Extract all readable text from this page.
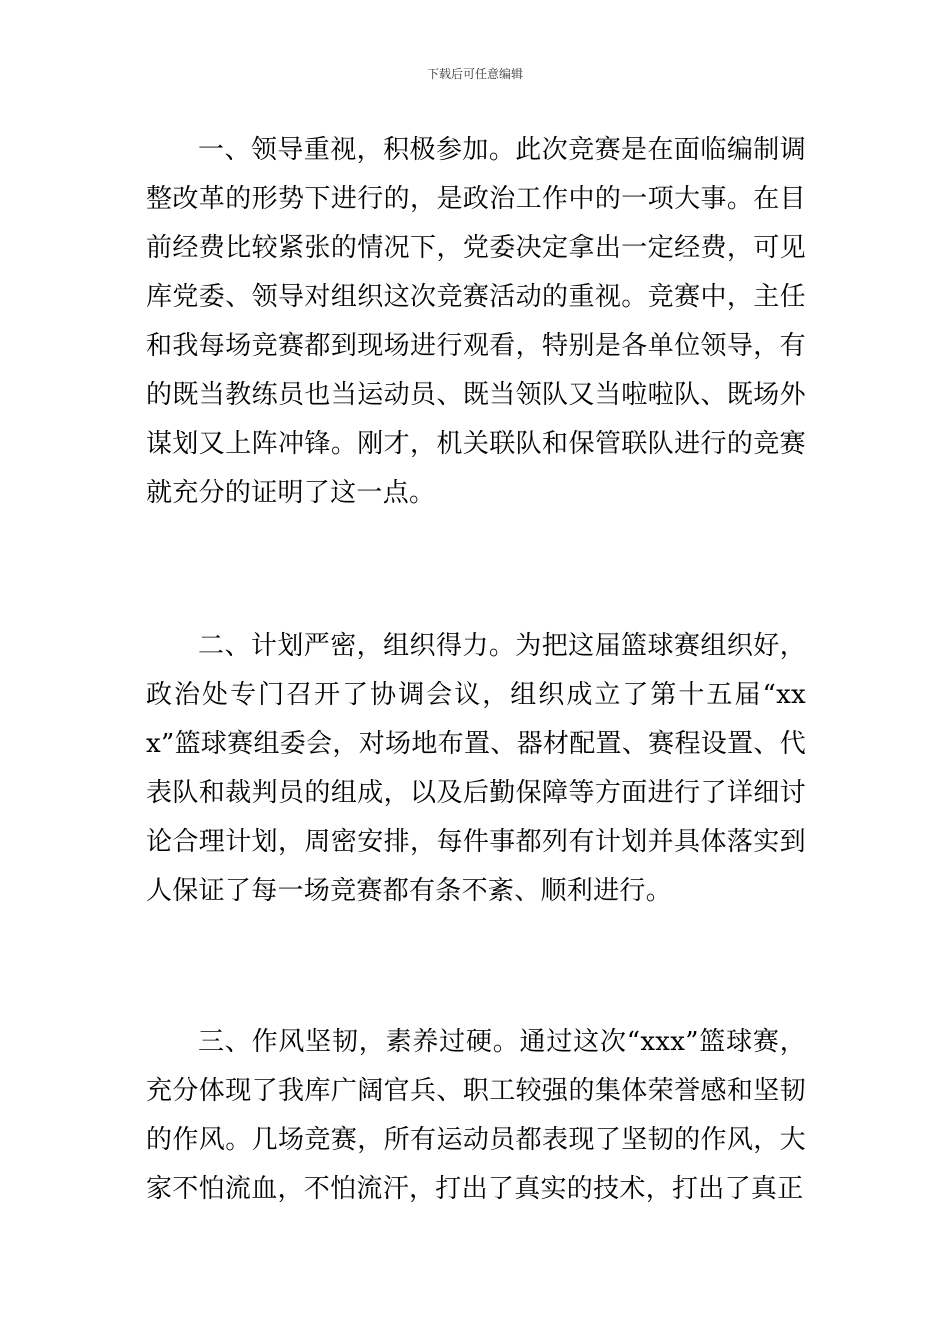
下载后可任意编辑

一、领导重视，积极参加。此次竞赛是在面临编制调整改革的形势下进行的，是政治工作中的一项大事。在目前经费比较紧张的情况下，党委决定拿出一定经费，可见库党委、领导对组织这次竞赛活动的重视。竞赛中，主任和我每场竞赛都到现场进行观看，特别是各单位领导，有的既当教练员也当运动员、既当领队又当啦啦队、既场外谋划又上阵冲锋。刚才，机关联队和保管联队进行的竞赛就充分的证明了这一点。

二、计划严密，组织得力。为把这届篮球赛组织好，政治处专门召开了协调会议，组织成立了第十五届“xxx”篮球赛组委会，对场地布置、器材配置、赛程设置、代表队和裁判员的组成，以及后勤保障等方面进行了详细讨论合理计划，周密安排，每件事都列有计划并具体落实到人保证了每一场竞赛都有条不紊、顺利进行。

三、作风坚韧，素养过硬。通过这次“xxx”篮球赛，充分体现了我库广阔官兵、职工较强的集体荣誉感和坚韧的作风。几场竞赛，所有运动员都表现了坚韧的作风，大家不怕流血，不怕流汗，打出了真实的技术，打出了真正
